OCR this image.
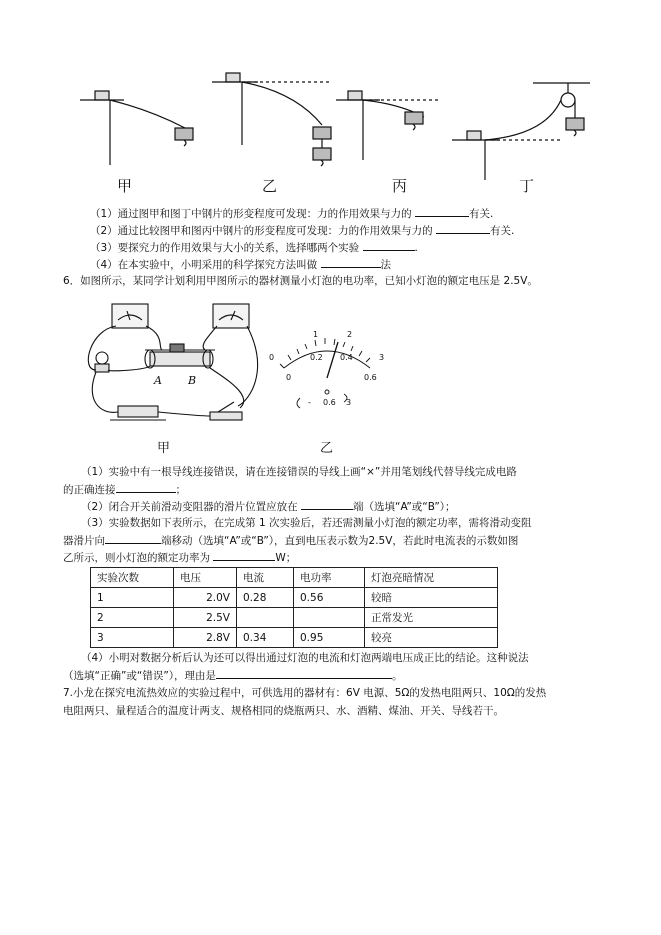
甲	乙	丙	丁
（1）通过图甲和图丁中钢片的形变程度可发现：力的作用效果与力的	有关.
（2）通过比较图甲和图丙中钢片的形变程度可发现：力的作用效果与力的	有关.
（3）要探究力的作用效果与大小的关系，选择哪两个实验	.
（4）在本实验中，小明采用的科学探究方法叫做	法
6．如图所示，某同学计划利用甲图所示的器材测量小灯泡的电功率，已知小灯泡的额定电压是 2.5V。
A B
0
1	2
3
0
0.2 0.4
0.6
- 0.6 3
甲	乙
（1）实验中有一根导线连接错误，请在连接错误的导线上画“×”并用笔划线代替导线完成电路
的正确连接	；
（2）闭合开关前滑动变阻器的滑片位置应放在	端（选填“A”或“B”）；
（3）实验数据如下表所示，在完成第 1 次实验后，若还需测量小灯泡的额定功率，需将滑动变阻
器滑片向	端移动（选填“A”或“B”），直到电压表示数为2.5V，若此时电流表的示数如图
乙所示，则小灯泡的额定功率为	W；
实验次数	电压	电流	电功率	灯泡亮暗情况
1	2.0V	0.28	0.56	较暗
2	2.5V			正常发光
3	2.8V	0.34	0.95	较亮
（4）小明对数据分析后认为还可以得出通过灯泡的电流和灯泡两端电压成正比的结论。这种说法
（选填“正确”或“错误”），理由是	。
7.小龙在探究电流热效应的实验过程中，可供选用的器材有：6V 电源、5Ω的发热电阻两只、10Ω的发热
电阻两只、量程适合的温度计两支、规格相同的烧瓶两只、水、酒精、煤油、开关、导线若干。
